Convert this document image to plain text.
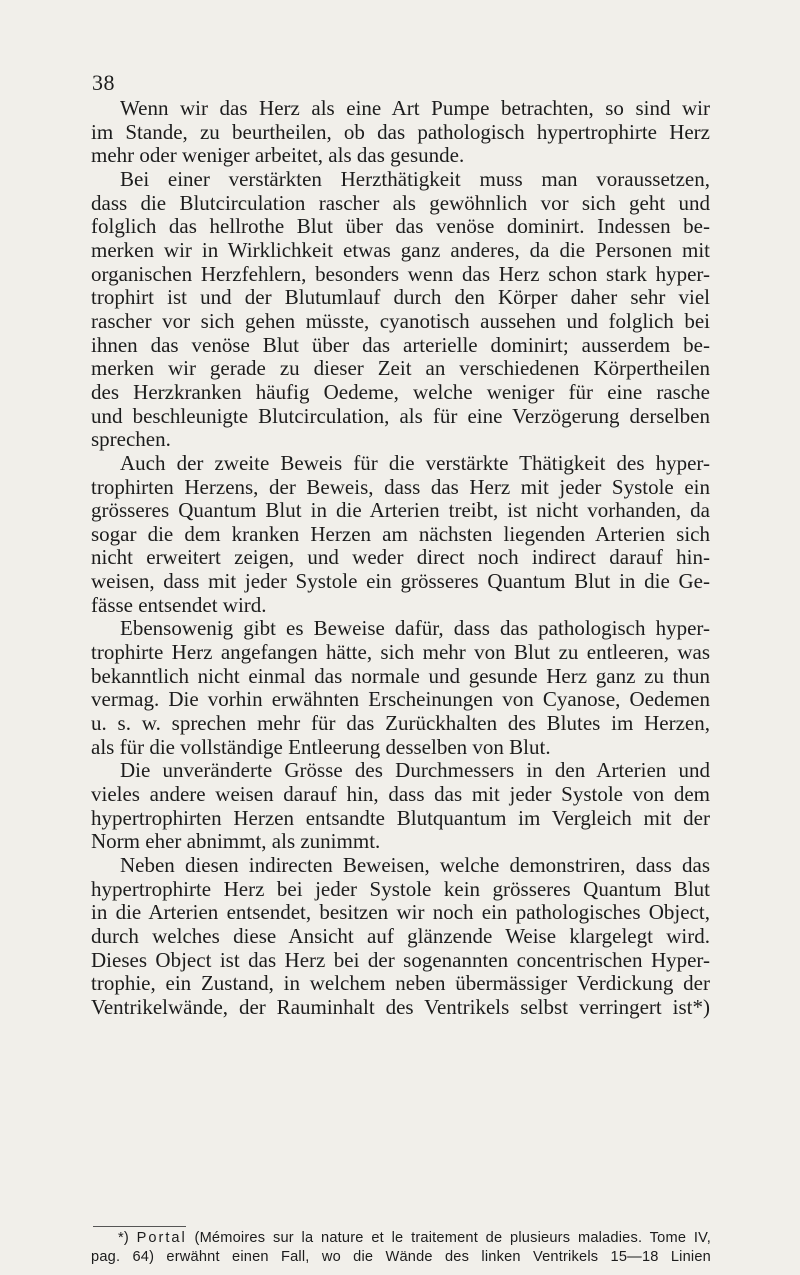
38
Wenn wir das Herz als eine Art Pumpe betrachten, so sind wir
im Stande, zu beurtheilen, ob das pathologisch hypertrophirte Herz
mehr oder weniger arbeitet, als das gesunde.
Bei einer verstärkten Herzthätigkeit muss man voraussetzen,
dass die Blutcirculation rascher als gewöhnlich vor sich geht und
folglich das hellrothe Blut über das venöse dominirt. Indessen be-
merken wir in Wirklichkeit etwas ganz anderes, da die Personen mit
organischen Herzfehlern, besonders wenn das Herz schon stark hyper-
trophirt ist und der Blutumlauf durch den Körper daher sehr viel
rascher vor sich gehen müsste, cyanotisch aussehen und folglich bei
ihnen das venöse Blut über das arterielle dominirt; ausserdem be-
merken wir gerade zu dieser Zeit an verschiedenen Körpertheilen
des Herzkranken häufig Oedeme, welche weniger für eine rasche
und beschleunigte Blutcirculation, als für eine Verzögerung derselben
sprechen.
Auch der zweite Beweis für die verstärkte Thätigkeit des hyper-
trophirten Herzens, der Beweis, dass das Herz mit jeder Systole ein
grösseres Quantum Blut in die Arterien treibt, ist nicht vorhanden, da
sogar die dem kranken Herzen am nächsten liegenden Arterien sich
nicht erweitert zeigen, und weder direct noch indirect darauf hin-
weisen, dass mit jeder Systole ein grösseres Quantum Blut in die Ge-
fässe entsendet wird.
Ebensowenig gibt es Beweise dafür, dass das pathologisch hyper-
trophirte Herz angefangen hätte, sich mehr von Blut zu entleeren, was
bekanntlich nicht einmal das normale und gesunde Herz ganz zu thun
vermag. Die vorhin erwähnten Erscheinungen von Cyanose, Oedemen
u. s. w. sprechen mehr für das Zurückhalten des Blutes im Herzen,
als für die vollständige Entleerung desselben von Blut.
Die unveränderte Grösse des Durchmessers in den Arterien und
vieles andere weisen darauf hin, dass das mit jeder Systole von dem
hypertrophirten Herzen entsandte Blutquantum im Vergleich mit der
Norm eher abnimmt, als zunimmt.
Neben diesen indirecten Beweisen, welche demonstriren, dass das
hypertrophirte Herz bei jeder Systole kein grösseres Quantum Blut
in die Arterien entsendet, besitzen wir noch ein pathologisches Object,
durch welches diese Ansicht auf glänzende Weise klargelegt wird.
Dieses Object ist das Herz bei der sogenannten concentrischen Hyper-
trophie, ein Zustand, in welchem neben übermässiger Verdickung der
Ventrikelwände, der Rauminhalt des Ventrikels selbst verringert ist*)
*) Portal (Mémoires sur la nature et le traitement de plusieurs maladies. Tome IV,
pag. 64) erwähnt einen Fall, wo die Wände des linken Ventrikels 15—18 Linien
